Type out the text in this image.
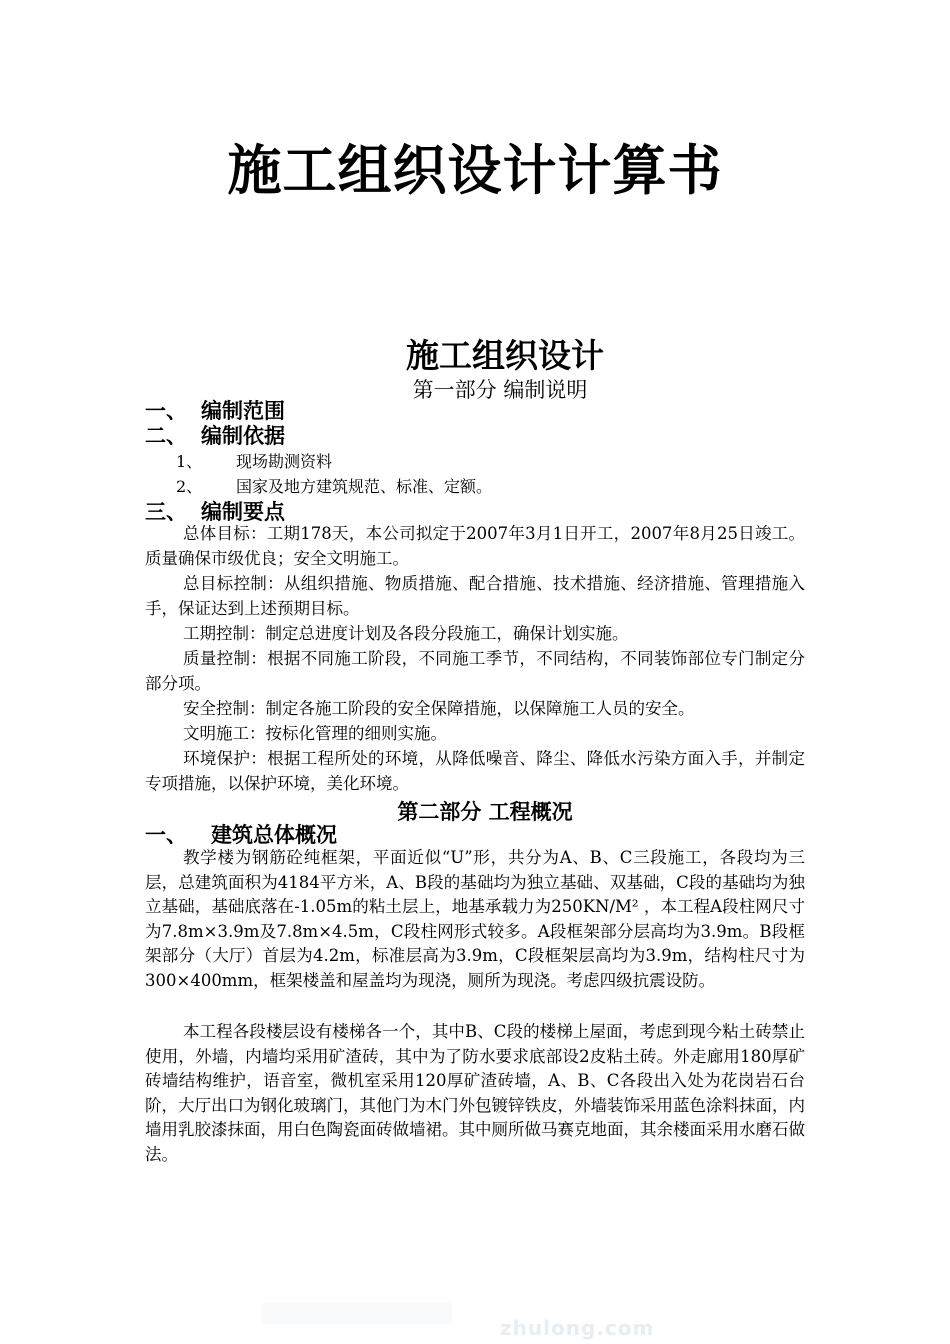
施工组织设计计算书
施工组织设计
第一部分 编制说明
一、 编制范围
二、 编制依据
1、 现场勘测资料
2、 国家及地方建筑规范、标准、定额。
三、 编制要点

总体目标：工期178天，本公司拟定于2007年3月1日开工，2007年8月25日竣工。质量确保市级优良；安全文明施工。

总目标控制：从组织措施、物质措施、配合措施、技术措施、经济措施、管理措施入手，保证达到上述预期目标。

工期控制：制定总进度计划及各段分段施工，确保计划实施。

质量控制：根据不同施工阶段，不同施工季节，不同结构，不同装饰部位专门制定分部分项。

安全控制：制定各施工阶段的安全保障措施，以保障施工人员的安全。

文明施工：按标化管理的细则实施。

环境保护：根据工程所处的环境，从降低噪音、降尘、降低水污染方面入手，并制定专项措施，以保护环境，美化环境。

第二部分 工程概况
一、 建筑总体概况

教学楼为钢筋砼纯框架，平面近似“U”形，共分为A、B、C三段施工，各段均为三层，总建筑面积为4184平方米，A、B段的基础均为独立基础、双基础，C段的基础均为独立基础，基础底落在-1.05m的粘土层上，地基承载力为250KN/M² ，本工程A段柱网尺寸为7.8m×3.9m及7.8m×4.5m，C段柱网形式较多。A段框架部分层高均为3.9m。B段框架部分（大厅）首层为4.2m，标准层高为3.9m，C段框架层高均为3.9m，结构柱尺寸为300×400mm，框架楼盖和屋盖均为现浇，厕所为现浇。考虑四级抗震设防。

本工程各段楼层设有楼梯各一个，其中B、C段的楼梯上屋面，考虑到现今粘土砖禁止使用，外墙，内墙均采用矿渣砖，其中为了防水要求底部设2皮粘土砖。外走廊用180厚矿砖墙结构维护，语音室，微机室采用120厚矿渣砖墙，A、B、C各段出入处为花岗岩石台阶，大厅出口为钢化玻璃门，其他门为木门外包镀锌铁皮，外墙装饰采用蓝色涂料抹面，内墙用乳胶漆抹面，用白色陶瓷面砖做墙裙。其中厕所做马赛克地面，其余楼面采用水磨石做法。

zhulong.com
